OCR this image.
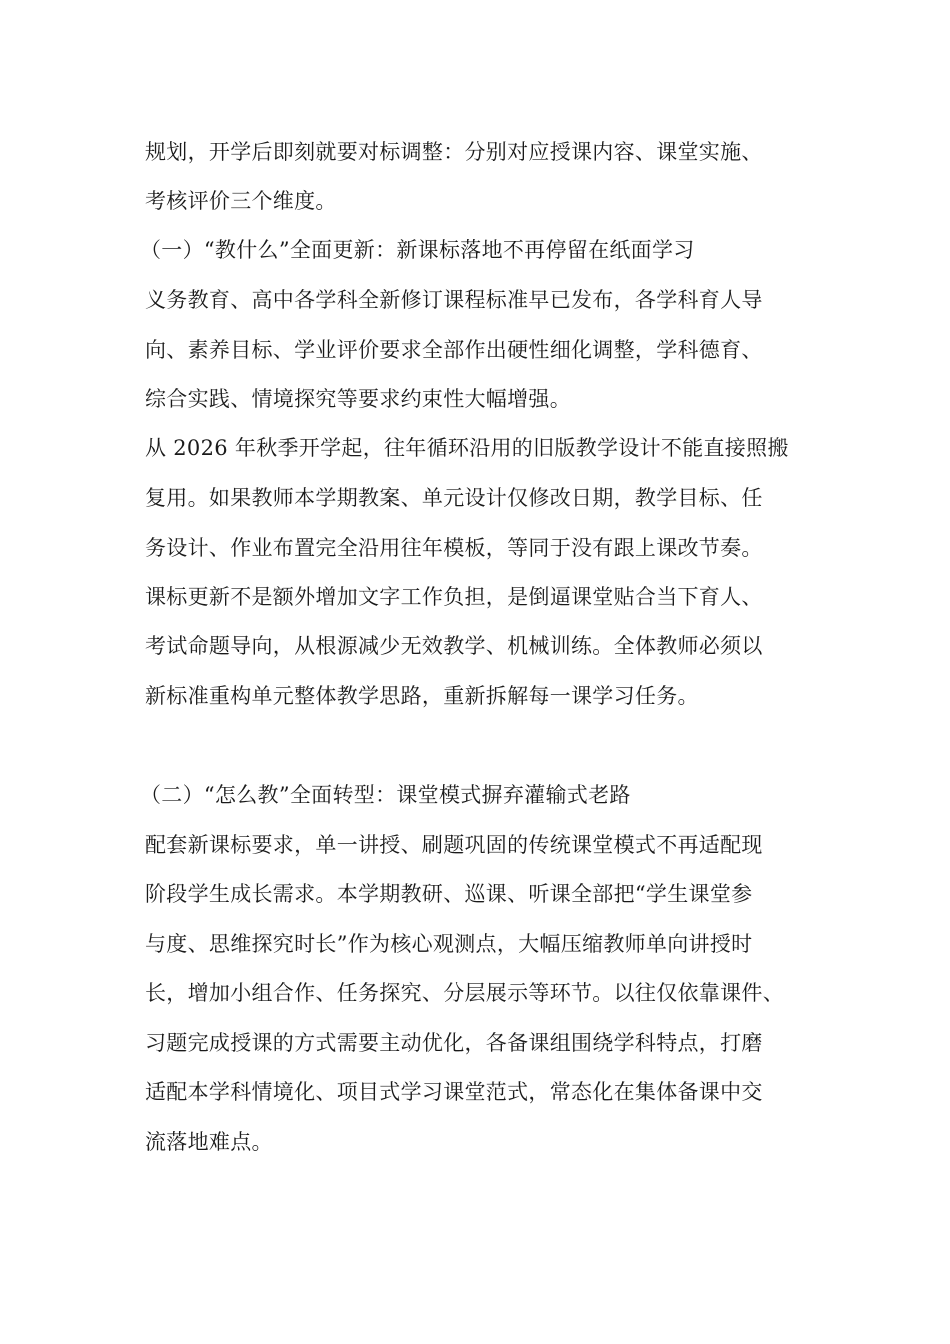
规划，开学后即刻就要对标调整：分别对应授课内容、课堂实施、
考核评价三个维度。
（一）“教什么”全面更新：新课标落地不再停留在纸面学习
义务教育、高中各学科全新修订课程标准早已发布，各学科育人导
向、素养目标、学业评价要求全部作出硬性细化调整，学科德育、
综合实践、情境探究等要求约束性大幅增强。
从 2026 年秋季开学起，往年循环沿用的旧版教学设计不能直接照搬
复用。如果教师本学期教案、单元设计仅修改日期，教学目标、任
务设计、作业布置完全沿用往年模板，等同于没有跟上课改节奏。
课标更新不是额外增加文字工作负担，是倒逼课堂贴合当下育人、
考试命题导向，从根源减少无效教学、机械训练。全体教师必须以
新标准重构单元整体教学思路，重新拆解每一课学习任务。
（二）“怎么教”全面转型：课堂模式摒弃灌输式老路
配套新课标要求，单一讲授、刷题巩固的传统课堂模式不再适配现
阶段学生成长需求。本学期教研、巡课、听课全部把“学生课堂参
与度、思维探究时长”作为核心观测点，大幅压缩教师单向讲授时
长，增加小组合作、任务探究、分层展示等环节。以往仅依靠课件、
习题完成授课的方式需要主动优化，各备课组围绕学科特点，打磨
适配本学科情境化、项目式学习课堂范式，常态化在集体备课中交
流落地难点。
